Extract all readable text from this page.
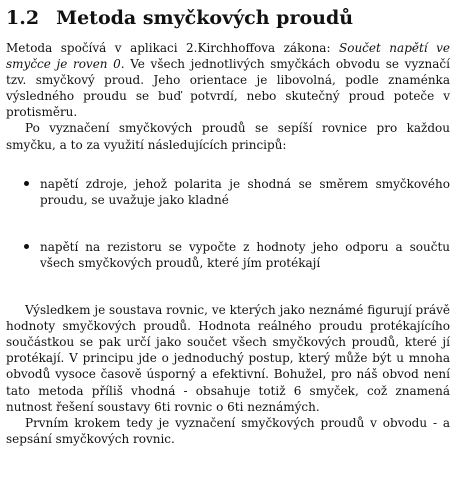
1.2 Metoda smyčkových proudů

Metoda spočívá v aplikaci 2.Kirchhoffova zákona: Součet napětí ve smyčce je roven 0. Ve všech jednotlivých smyčkách obvodu se vyznačí tzv. smyčkový proud. Jeho orientace je libovolná, podle znaménka výsledného proudu se buď potvrdí, nebo skutečný proud poteče v protisměru.

Po vyznačení smyčkových proudů se sepíší rovnice pro každou smyčku, a to za využití následujících principů:

napětí zdroje, jehož polarita je shodná se směrem smyčkového proudu, se uvažuje jako kladné
napětí na rezistoru se vypočte z hodnoty jeho odporu a součtu všech smyčkových proudů, které jím protékají

Výsledkem je soustava rovnic, ve kterých jako neznámé figurují právě hodnoty smyčkových proudů. Hodnota reálného proudu protékajícího součástkou se pak určí jako součet všech smyčkových proudů, které jí protékají. V principu jde o jednoduchý postup, který může být u mnoha obvodů vysoce časově úsporný a efektivní. Bohužel, pro náš obvod není tato metoda příliš vhodná - obsahuje totiž 6 smyček, což znamená nutnost řešení soustavy 6ti rovnic o 6ti neznámých.

Prvním krokem tedy je vyznačení smyčkových proudů v obvodu - a sepsání smyčkových rovnic.
